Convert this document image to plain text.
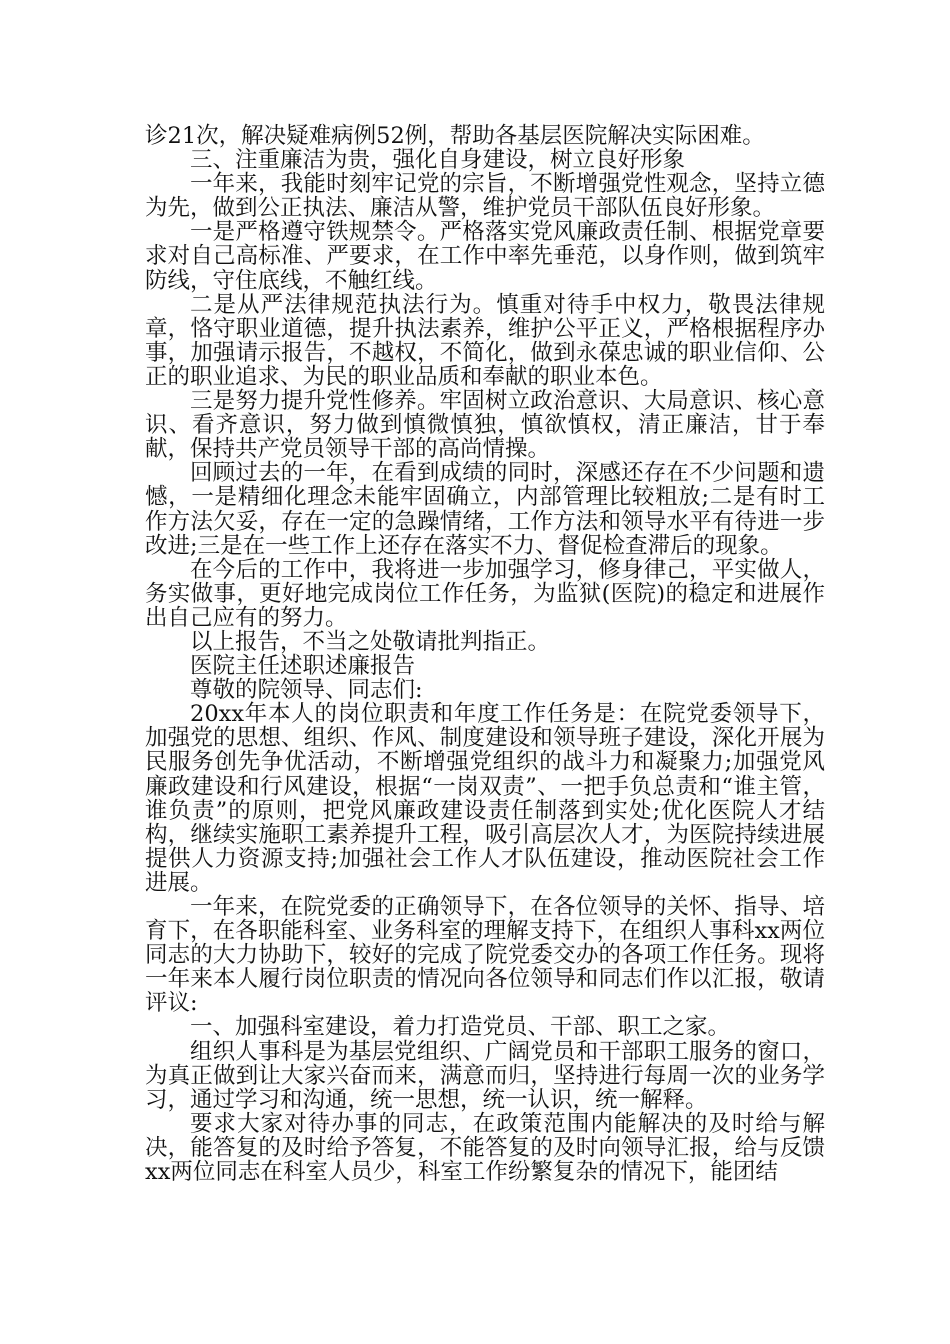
诊21次，解决疑难病例52例，帮助各基层医院解决实际困难。

三、注重廉洁为贵，强化自身建设，树立良好形象

一年来，我能时刻牢记党的宗旨，不断增强党性观念，坚持立德为先，做到公正执法、廉洁从警，维护党员干部队伍良好形象。

一是严格遵守铁规禁令。严格落实党风廉政责任制、根据党章要求对自己高标准、严要求，在工作中率先垂范，以身作则，做到筑牢防线，守住底线，不触红线。

二是从严法律规范执法行为。慎重对待手中权力，敬畏法律规章，恪守职业道德，提升执法素养，维护公平正义，严格根据程序办事，加强请示报告，不越权，不简化，做到永葆忠诚的职业信仰、公正的职业追求、为民的职业品质和奉献的职业本色。

三是努力提升党性修养。牢固树立政治意识、大局意识、核心意识、看齐意识，努力做到慎微慎独，慎欲慎权，清正廉洁，甘于奉献，保持共产党员领导干部的高尚情操。

回顾过去的一年，在看到成绩的同时，深感还存在不少问题和遗憾，一是精细化理念未能牢固确立，内部管理比较粗放;二是有时工作方法欠妥，存在一定的急躁情绪，工作方法和领导水平有待进一步改进;三是在一些工作上还存在落实不力、督促检查滞后的现象。

在今后的工作中，我将进一步加强学习，修身律己，平实做人，务实做事，更好地完成岗位工作任务，为监狱(医院)的稳定和进展作出自己应有的努力。

以上报告，不当之处敬请批判指正。

医院主任述职述廉报告

尊敬的院领导、同志们:

20xx年本人的岗位职责和年度工作任务是：在院党委领导下，加强党的思想、组织、作风、制度建设和领导班子建设，深化开展为民服务创先争优活动，不断增强党组织的战斗力和凝聚力;加强党风廉政建设和行风建设，根据“一岗双责”、一把手负总责和“谁主管，谁负责”的原则，把党风廉政建设责任制落到实处;优化医院人才结构，继续实施职工素养提升工程，吸引高层次人才，为医院持续进展提供人力资源支持;加强社会工作人才队伍建设，推动医院社会工作进展。

一年来，在院党委的正确领导下，在各位领导的关怀、指导、培育下，在各职能科室、业务科室的理解支持下，在组织人事科xx两位同志的大力协助下，较好的完成了院党委交办的各项工作任务。现将一年来本人履行岗位职责的情况向各位领导和同志们作以汇报，敬请评议:

一、加强科室建设，着力打造党员、干部、职工之家。

组织人事科是为基层党组织、广阔党员和干部职工服务的窗口，为真正做到让大家兴奋而来，满意而归，坚持进行每周一次的业务学习，通过学习和沟通，统一思想，统一认识，统一解释。

要求大家对待办事的同志，在政策范围内能解决的及时给与解决，能答复的及时给予答复，不能答复的及时向领导汇报，给与反馈xx两位同志在科室人员少，科室工作纷繁复杂的情况下，能团结
